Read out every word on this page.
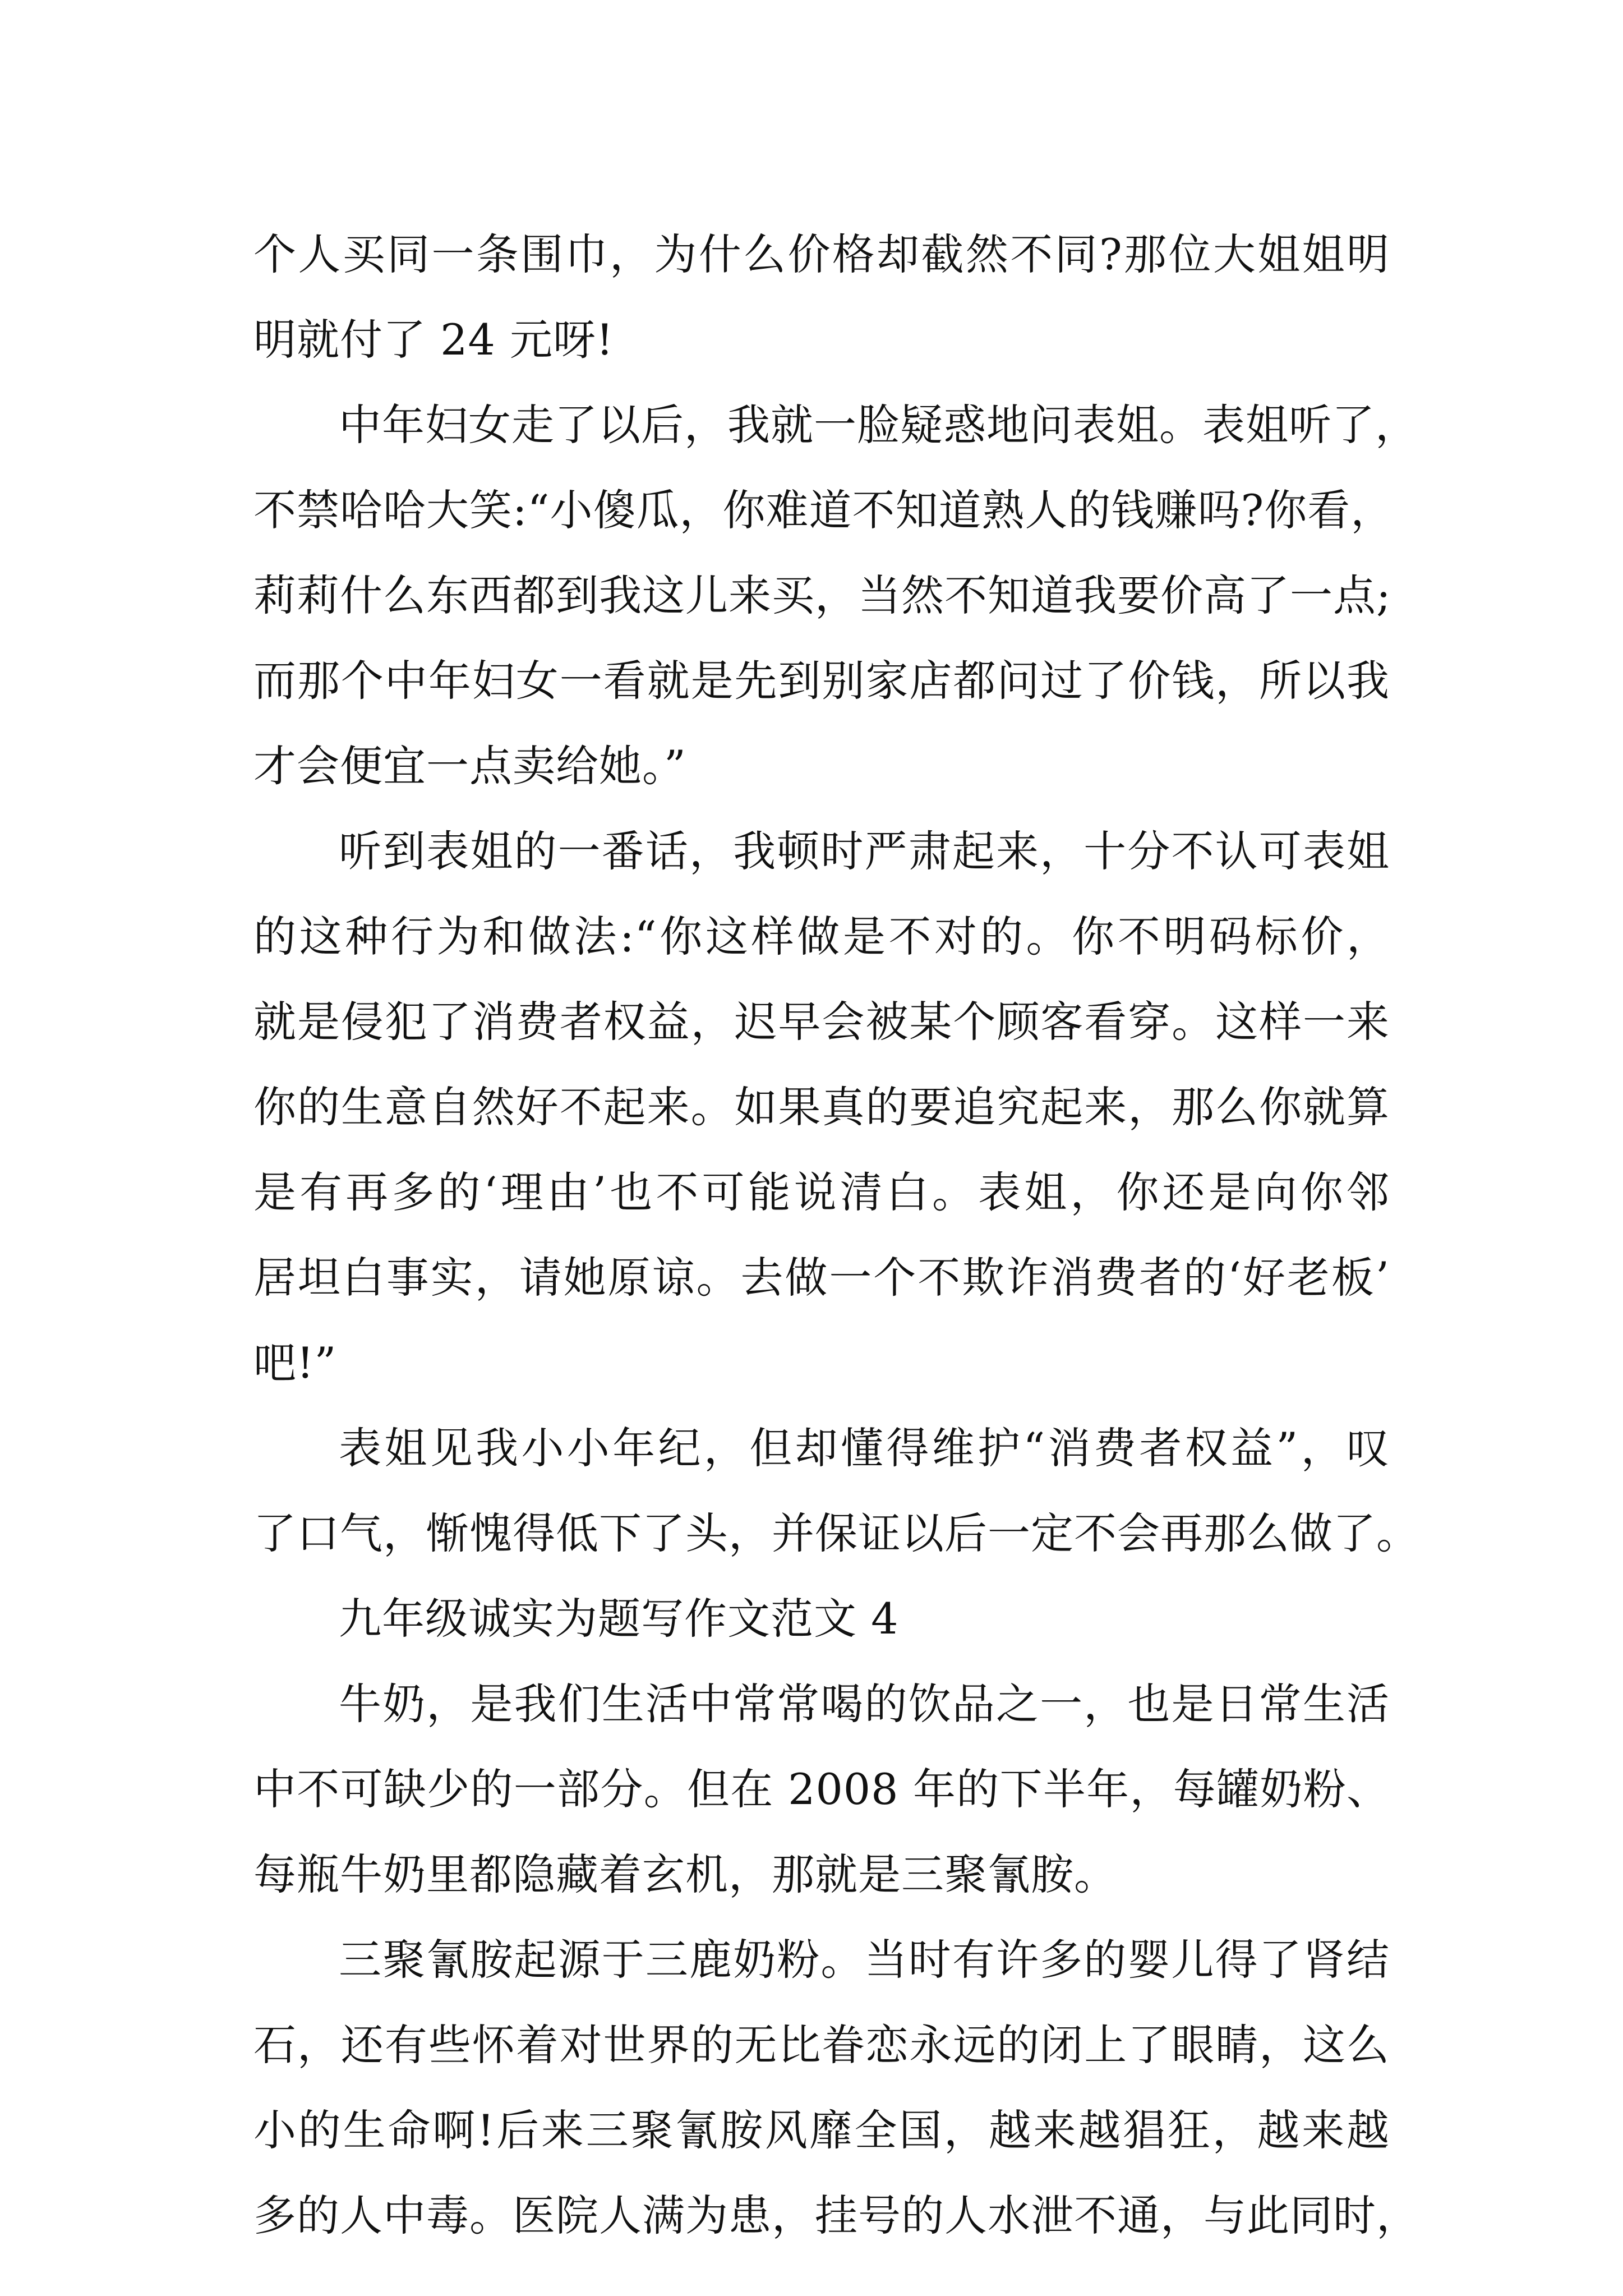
个人买同一条围巾，为什么价格却截然不同?那位大姐姐明
明就付了 24 元呀!
中年妇女走了以后，我就一脸疑惑地问表姐。表姐听了，
不禁哈哈大笑:“小傻瓜，你难道不知道熟人的钱赚吗?你看，
莉莉什么东西都到我这儿来买，当然不知道我要价高了一点;
而那个中年妇女一看就是先到别家店都问过了价钱，所以我
才会便宜一点卖给她。”
听到表姐的一番话，我顿时严肃起来，十分不认可表姐
的这种行为和做法:“你这样做是不对的。你不明码标价，
就是侵犯了消费者权益，迟早会被某个顾客看穿。这样一来
你的生意自然好不起来。如果真的要追究起来，那么你就算
是有再多的‘理由’也不可能说清白。表姐，你还是向你邻
居坦白事实，请她原谅。去做一个不欺诈消费者的‘好老板’
吧!”
表姐见我小小年纪，但却懂得维护“消费者权益”，叹
了口气，惭愧得低下了头，并保证以后一定不会再那么做了。
九年级诚实为题写作文范文 4
牛奶，是我们生活中常常喝的饮品之一，也是日常生活
中不可缺少的一部分。但在 2008 年的下半年，每罐奶粉、
每瓶牛奶里都隐藏着玄机，那就是三聚氰胺。
三聚氰胺起源于三鹿奶粉。当时有许多的婴儿得了肾结
石，还有些怀着对世界的无比眷恋永远的闭上了眼睛，这么
小的生命啊!后来三聚氰胺风靡全国，越来越猖狂，越来越
多的人中毒。医院人满为患，挂号的人水泄不通，与此同时，
